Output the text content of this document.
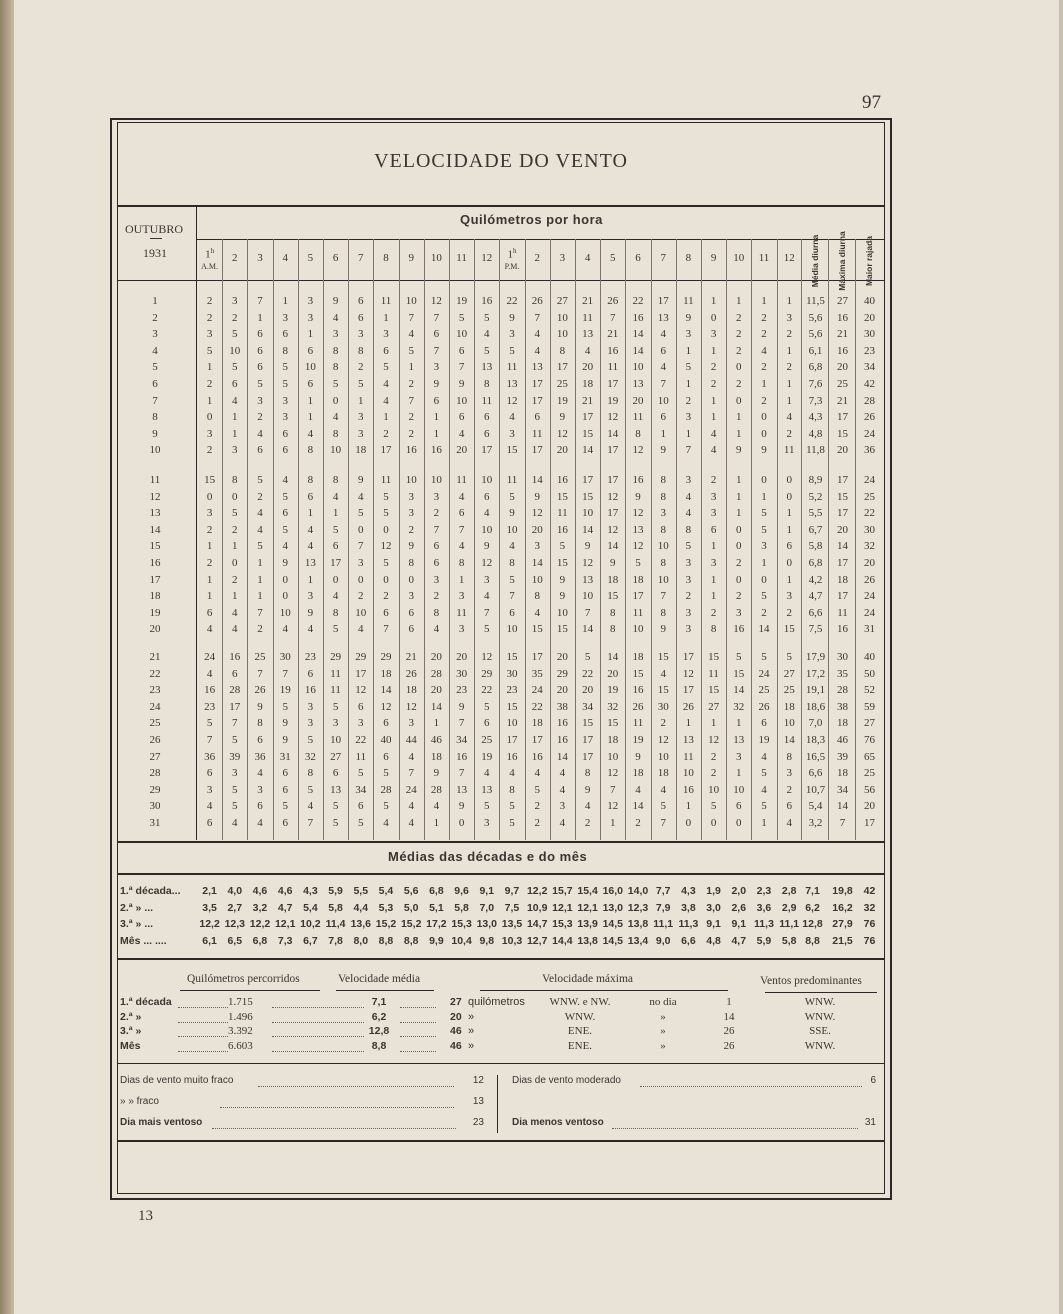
97
13
VELOCIDADE DO VENTO
OUTUBRO
1931
Quilómetros por hora
1$^h$
A.M.
2	3	4	5	6	7	8	9	10	11	12	1$^h$
P.M.
2	3	4	5	6	7	8	9	10	11	12	Média diurna Máxima diurna Maior rajada
1	2	3	7	1	3	9	6	11	10	12	19	16	22	26	27	21	26	22	17	11	1	1	1	1	11,5	27	40
2	2	2	1	3	3	4	6	1	7	7	5	5	9	7	10	11	7	16	13	9	0	2	2	3	5,6	16	20
3	3	5	6	6	1	3	3	3	4	6	10	4	3	4	10	13	21	14	4	3	3	2	2	2	5,6	21	30
4	5	10	6	8	6	8	8	6	5	7	6	5	5	4	8	4	16	14	6	1	1	2	4	1	6,1	16	23
5	1	5	6	5	10	8	2	5	1	3	7	13	11	13	17	20	11	10	4	5	2	0	2	2	6,8	20	34
6	2	6	5	5	6	5	5	4	2	9	9	8	13	17	25	18	17	13	7	1	2	2	1	1	7,6	25	42
7	1	4	3	3	1	0	1	4	7	6	10	11	12	17	19	21	19	20	10	2	1	0	2	1	7,3	21	28
8	0	1	2	3	1	4	3	1	2	1	6	6	4	6	9	17	12	11	6	3	1	1	0	4	4,3	17	26
9	3	1	4	6	4	8	3	2	2	1	4	6	3	11	12	15	14	8	1	1	4	1	0	2	4,8	15	24
10	2	3	6	6	8	10	18	17	16	16	20	17	15	17	20	14	17	12	9	7	4	9	9	11	11,8	20	36
11	15	8	5	4	8	8	9	11	10	10	11	10	11	14	16	17	17	16	8	3	2	1	0	0	8,9	17	24
12	0	0	2	5	6	4	4	5	3	3	4	6	5	9	15	15	12	9	8	4	3	1	1	0	5,2	15	25
13	3	5	4	6	1	1	5	5	3	2	6	4	9	12	11	10	17	12	3	4	3	1	5	1	5,5	17	22
14	2	2	4	5	4	5	0	0	2	7	7	10	10	20	16	14	12	13	8	8	6	0	5	1	6,7	20	30
15	1	1	5	4	4	6	7	12	9	6	4	9	4	3	5	9	14	12	10	5	1	0	3	6	5,8	14	32
16	2	0	1	9	13	17	3	5	8	6	8	12	8	14	15	12	9	5	8	3	3	2	1	0	6,8	17	20
17	1	2	1	0	1	0	0	0	0	3	1	3	5	10	9	13	18	18	10	3	1	0	0	1	4,2	18	26
18	1	1	1	0	3	4	2	2	3	2	3	4	7	8	9	10	15	17	7	2	1	2	5	3	4,7	17	24
19	6	4	7	10	9	8	10	6	6	8	11	7	6	4	10	7	8	11	8	3	2	3	2	2	6,6	11	24
20	4	4	2	4	4	5	4	7	6	4	3	5	10	15	15	14	8	10	9	3	8	16	14	15	7,5	16	31
21	24	16	25	30	23	29	29	29	21	20	20	12	15	17	20	5	14	18	15	17	15	5	5	5	17,9	30	40
22	4	6	7	7	6	11	17	18	26	28	30	29	30	35	29	22	20	15	4	12	11	15	24	27	17,2	35	50
23	16	28	26	19	16	11	12	14	18	20	23	22	23	24	20	20	19	16	15	17	15	14	25	25	19,1	28	52
24	23	17	9	5	3	5	6	12	12	14	9	5	15	22	38	34	32	26	30	26	27	32	26	18	18,6	38	59
25	5	7	8	9	3	3	3	6	3	1	7	6	10	18	16	15	15	11	2	1	1	1	6	10	7,0	18	27
26	7	5	6	9	5	10	22	40	44	46	34	25	17	17	16	17	18	19	12	13	12	13	19	14	18,3	46	76
27	36	39	36	31	32	27	11	6	4	18	16	19	16	16	14	17	10	9	10	11	2	3	4	8	16,5	39	65
28	6	3	4	6	8	6	5	5	7	9	7	4	4	4	4	8	12	18	18	10	2	1	5	3	6,6	18	25
29	3	5	3	6	5	13	34	28	24	28	13	13	8	5	4	9	7	4	4	16	10	10	4	2	10,7	34	56
30	4	5	6	5	4	5	6	5	4	4	9	5	5	2	3	4	12	14	5	1	5	6	5	6	5,4	14	20
31	6	4	4	6	7	5	5	4	4	1	0	3	5	2	4	2	1	2	7	0	0	0	1	4	3,2	7	17
Médias das décadas e do mês
1.ª década...	2,1	4,0	4,6	4,6	4,3	5,9	5,5	5,4	5,6	6,8	9,6	9,1	9,7 12,2 15,7 15,4 16,0 14,0 7,7	4,3	1,9	2,0	2,3	2,8 7,1	19,8	42
2.ª » ...	3,5	2,7	3,2	4,7	5,4	5,8	4,4	5,3	5,0	5,1	5,8	7,0	7,5 10,9 12,1 12,1 13,0 12,3 7,9	3,8	3,0	2,6	3,6	2,9 6,2	16,2	32
3.ª » ...	12,2 12,3 12,2 12,1 10,2 11,4 13,6 15,2 15,2 17,2 15,3 13,0 13,5 14,7 15,3 13,9 14,5 13,8 11,1 11,3 9,1	9,1 11,3 11,1 12,8 27,9	76
Mês ... ....	6,1	6,5	6,8	7,3	6,7	7,8	8,0	8,8	8,8	9,9 10,4 9,8 10,3 12,7 14,4 13,8 14,5 13,4 9,0	6,6	4,8	4,7	5,9	5,8 8,8	21,5	76
Quilómetros percorridos	Velocidade média	Velocidade máxima	Ventos predominantes
1.ª década	1.715	7,1	27 quilómetros	WNW. e NW.	no dia	1	WNW.
2.ª »	1.496	6,2	20 »	WNW.	»	14	WNW.
3.ª »	3.392	12,8	46 »	ENE.	»	26	SSE.
Mês	6.603	8,8	46 »	ENE.	»	26	WNW.
Dias de vento muito fraco	12
» » fraco	13
Dia mais ventoso	23
Dias de vento moderado	6
Dia menos ventoso	31
